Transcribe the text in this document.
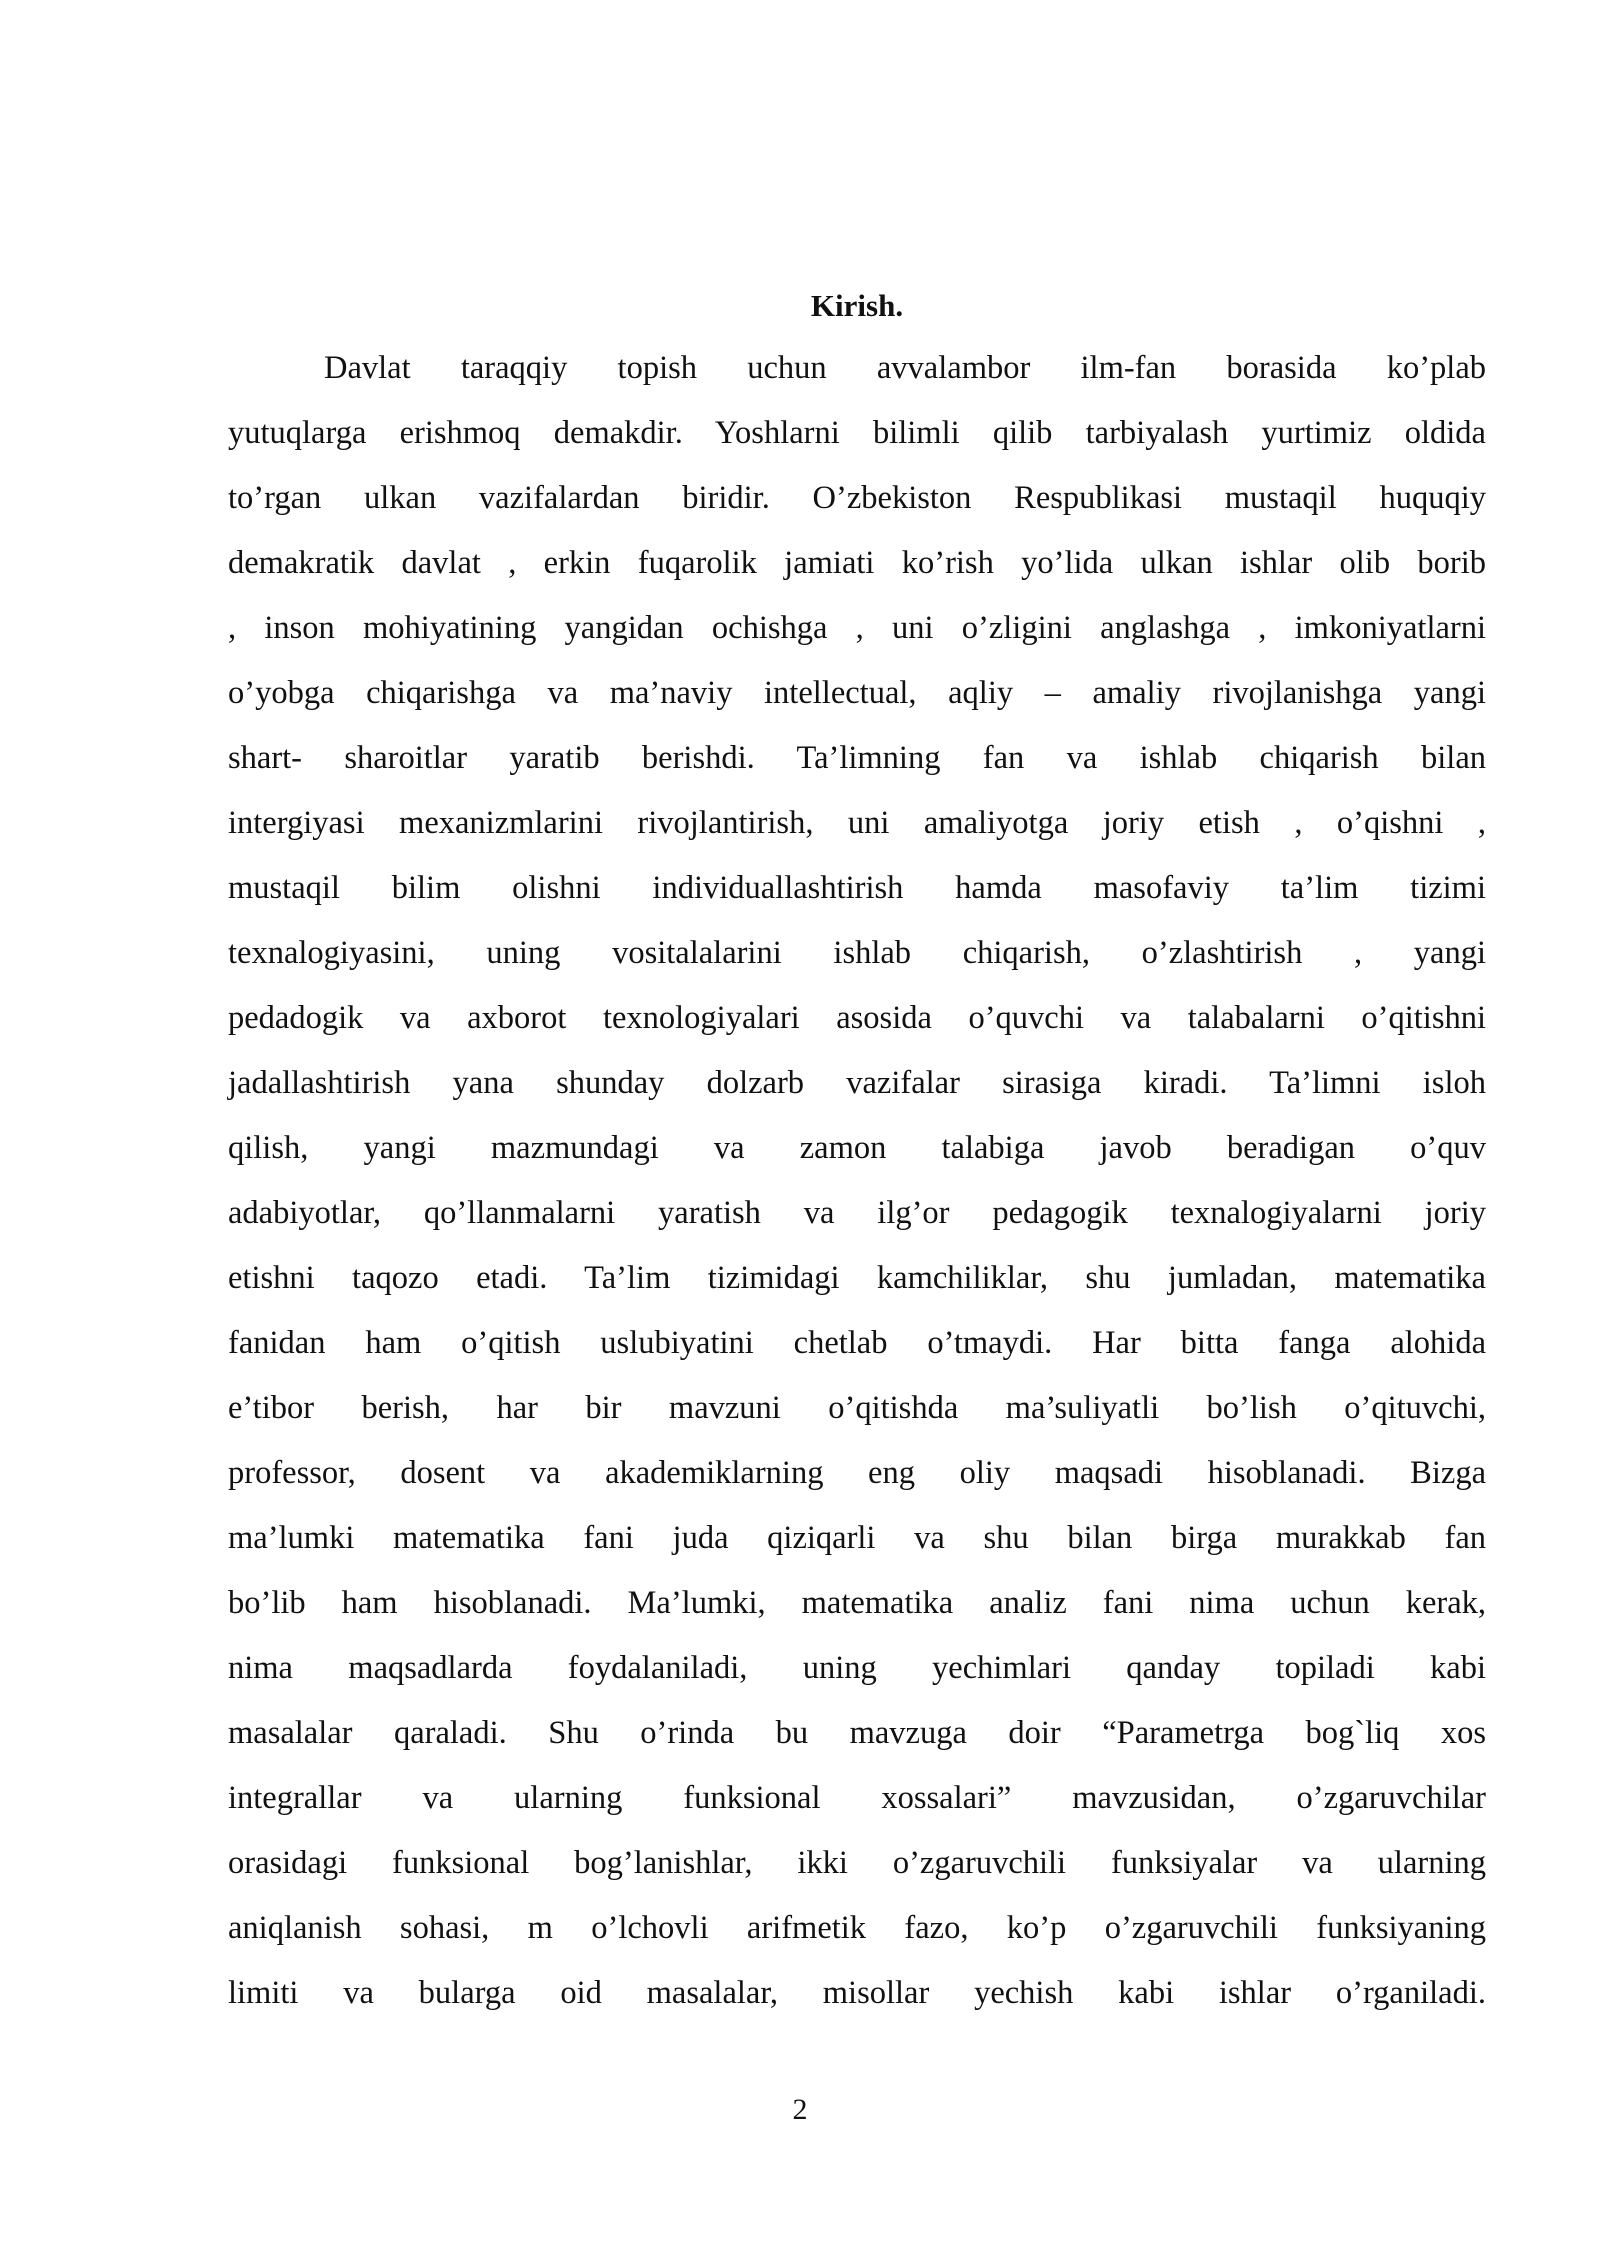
Kirish.
Davlat taraqqiy topish uchun avvalambor ilm-fan borasida ko’plab
yutuqlarga erishmoq demakdir. Yoshlarni bilimli qilib tarbiyalash yurtimiz oldida
to’rgan ulkan vazifalardan biridir. O’zbekiston Respublikasi mustaqil huquqiy
demakratik davlat , erkin fuqarolik jamiati ko’rish yo’lida ulkan ishlar olib borib
, inson mohiyatining yangidan ochishga , uni o’zligini anglashga , imkoniyatlarni
o’yobga chiqarishga va ma’naviy intellectual, aqliy – amaliy rivojlanishga yangi
shart- sharoitlar yaratib berishdi. Ta’limning fan va ishlab chiqarish bilan
intergiyasi mexanizmlarini rivojlantirish, uni amaliyotga joriy etish , o’qishni ,
mustaqil bilim olishni individuallashtirish hamda masofaviy ta’lim tizimi
texnalogiyasini, uning vositalalarini ishlab chiqarish, o’zlashtirish , yangi
pedadogik va axborot texnologiyalari asosida o’quvchi va talabalarni o’qitishni
jadallashtirish yana shunday dolzarb vazifalar sirasiga kiradi. Ta’limni isloh
qilish, yangi mazmundagi va zamon talabiga javob beradigan o’quv
adabiyotlar, qo’llanmalarni yaratish va ilg’or pedagogik texnalogiyalarni joriy
etishni taqozo etadi. Ta’lim tizimidagi kamchiliklar, shu jumladan, matematika
fanidan ham o’qitish uslubiyatini chetlab o’tmaydi. Har bitta fanga alohida
e’tibor berish, har bir mavzuni o’qitishda ma’suliyatli bo’lish o’qituvchi,
professor, dosent va akademiklarning eng oliy maqsadi hisoblanadi. Bizga
ma’lumki matematika fani juda qiziqarli va shu bilan birga murakkab fan
bo’lib ham hisoblanadi. Ma’lumki, matematika analiz fani nima uchun kerak,
nima maqsadlarda foydalaniladi, uning yechimlari qanday topiladi kabi
masalalar qaraladi. Shu o’rinda bu mavzuga doir “Parametrga bog`liq xos
integrallar va ularning funksional xossalari” mavzusidan, o’zgaruvchilar
orasidagi funksional bog’lanishlar, ikki o’zgaruvchili funksiyalar va ularning
aniqlanish sohasi, m o’lchovli arifmetik fazo, ko’p o’zgaruvchili funksiyaning
limiti va bularga oid masalalar, misollar yechish kabi ishlar o’rganiladi.
2
